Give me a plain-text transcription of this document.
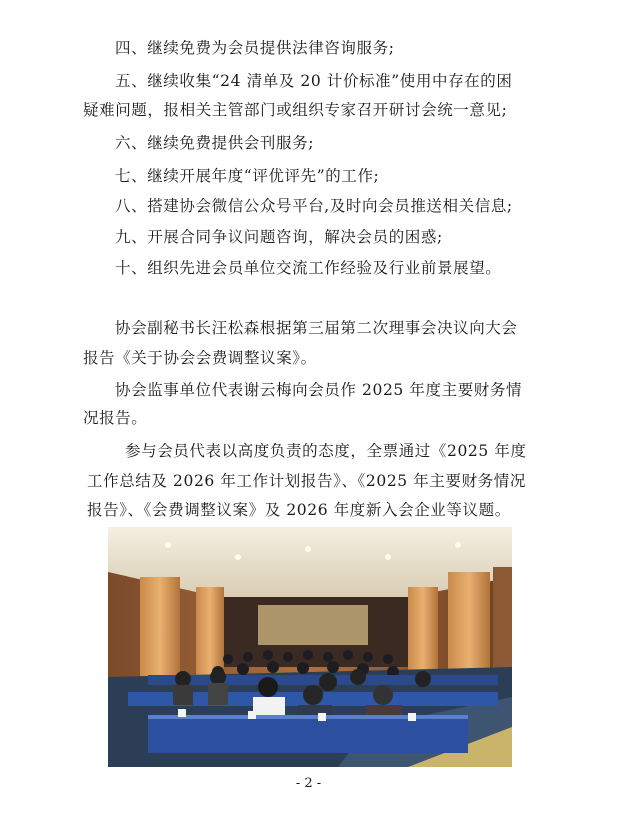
四、继续免费为会员提供法律咨询服务;
五、继续收集“24 清单及 20 计价标准”使用中存在的困
疑难问题，报相关主管部门或组织专家召开研讨会统一意见;
六、继续免费提供会刊服务;
七、继续开展年度“评优评先”的工作;
八、搭建协会微信公众号平台,及时向会员推送相关信息;
九、开展合同争议问题咨询，解决会员的困惑;
十、组织先进会员单位交流工作经验及行业前景展望。
协会副秘书长汪松森根据第三届第二次理事会决议向大会
报告《关于协会会费调整议案》。
协会监事单位代表谢云梅向会员作 2025 年度主要财务情
况报告。
参与会员代表以高度负责的态度，全票通过《2025 年度
工作总结及 2026 年工作计划报告》、《2025 年主要财务情况
报告》、《会费调整议案》及 2026 年度新入会企业等议题。
- 2 -
